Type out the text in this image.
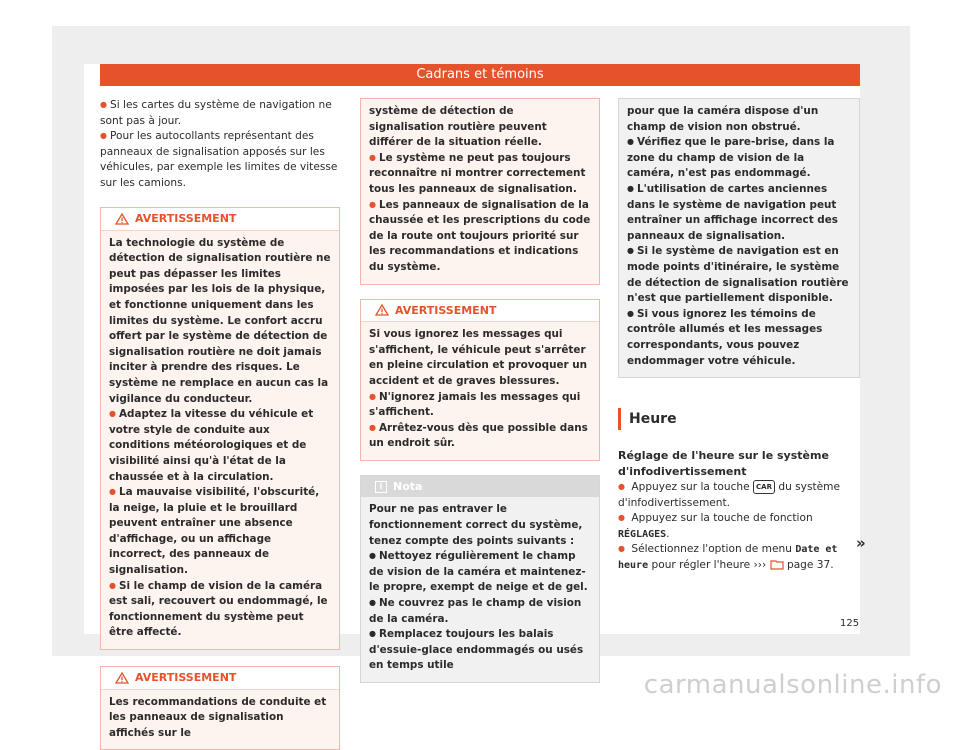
Cadrans et témoins

● Si les cartes du système de navigation ne sont pas à jour.

● Pour les autocollants représentant des panneaux de signalisation apposés sur les véhicules, par exemple les limites de vitesse sur les camions.

AVERTISSEMENT

La technologie du système de détection de signalisation routière ne peut pas dépasser les limites imposées par les lois de la physique, et fonctionne uniquement dans les limites du système. Le confort accru offert par le système de détection de signalisation routière ne doit jamais inciter à prendre des risques. Le système ne remplace en aucun cas la vigilance du conducteur.

● Adaptez la vitesse du véhicule et votre style de conduite aux conditions météorologiques et de visibilité ainsi qu'à l'état de la chaussée et à la circulation.

● La mauvaise visibilité, l'obscurité, la neige, la pluie et le brouillard peuvent entraîner une absence d'affichage, ou un affichage incorrect, des panneaux de signalisation.

● Si le champ de vision de la caméra est sali, recouvert ou endommagé, le fonctionnement du système peut être affecté.

AVERTISSEMENT

Les recommandations de conduite et les panneaux de signalisation affichés sur le

système de détection de signalisation routière peuvent différer de la situation réelle.

● Le système ne peut pas toujours reconnaître ni montrer correctement tous les panneaux de signalisation.

● Les panneaux de signalisation de la chaussée et les prescriptions du code de la route ont toujours priorité sur les recommandations et indications du système.

AVERTISSEMENT

Si vous ignorez les messages qui s'affichent, le véhicule peut s'arrêter en pleine circulation et provoquer un accident et de graves blessures.

● N'ignorez jamais les messages qui s'affichent.

● Arrêtez-vous dès que possible dans un endroit sûr.

i Nota

Pour ne pas entraver le fonctionnement correct du système, tenez compte des points suivants :

● Nettoyez régulièrement le champ de vision de la caméra et maintenez-le propre, exempt de neige et de gel.

● Ne couvrez pas le champ de vision de la caméra.

● Remplacez toujours les balais d'essuie-glace endommagés ou usés en temps utile

pour que la caméra dispose d'un champ de vision non obstrué.

● Vérifiez que le pare-brise, dans la zone du champ de vision de la caméra, n'est pas endommagé.

● L'utilisation de cartes anciennes dans le système de navigation peut entraîner un affichage incorrect des panneaux de signalisation.

● Si le système de navigation est en mode points d'itinéraire, le système de détection de signalisation routière n'est que partiellement disponible.

● Si vous ignorez les témoins de contrôle allumés et les messages correspondants, vous pouvez endommager votre véhicule.

Heure

Réglage de l'heure sur le système d'infodivertissement

● Appuyez sur la touche CAR du système d'infodivertissement.

● Appuyez sur la touche de fonction RÉGLAGES.

● Sélectionnez l'option de menu Date et heure pour régler l'heure ››› page 37.

»
125
carmanualsonline.info
